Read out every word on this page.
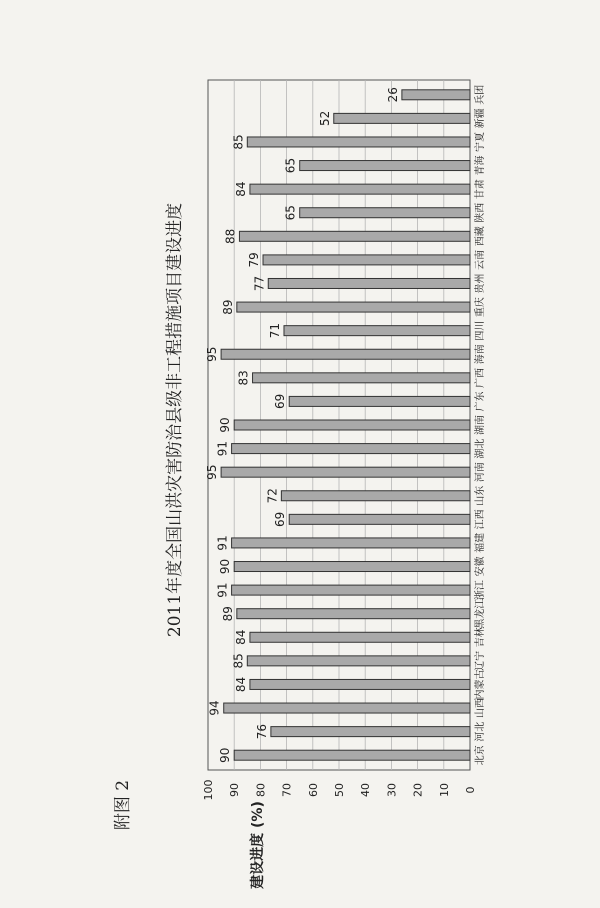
附图 2
2011年度全国山洪灾害防治县级非工程措施项目建设进度
建设进度 (%)
0
10
20
30
40
50
60
70
80
90
100
90
76
94
84
85
84
89
91
90
91
69
72
95
91
90
69
83
95
71
89
77
79
88
65
84
65
85
52
26
北京
河北
山西
内蒙古
辽宁
吉林
黑龙江
浙江
安徽
福建
江西
山东
河南
湖北
湖南
广东
广西
海南
四川
重庆
贵州
云南
西藏
陕西
甘肃
青海
宁夏
新疆
兵团
